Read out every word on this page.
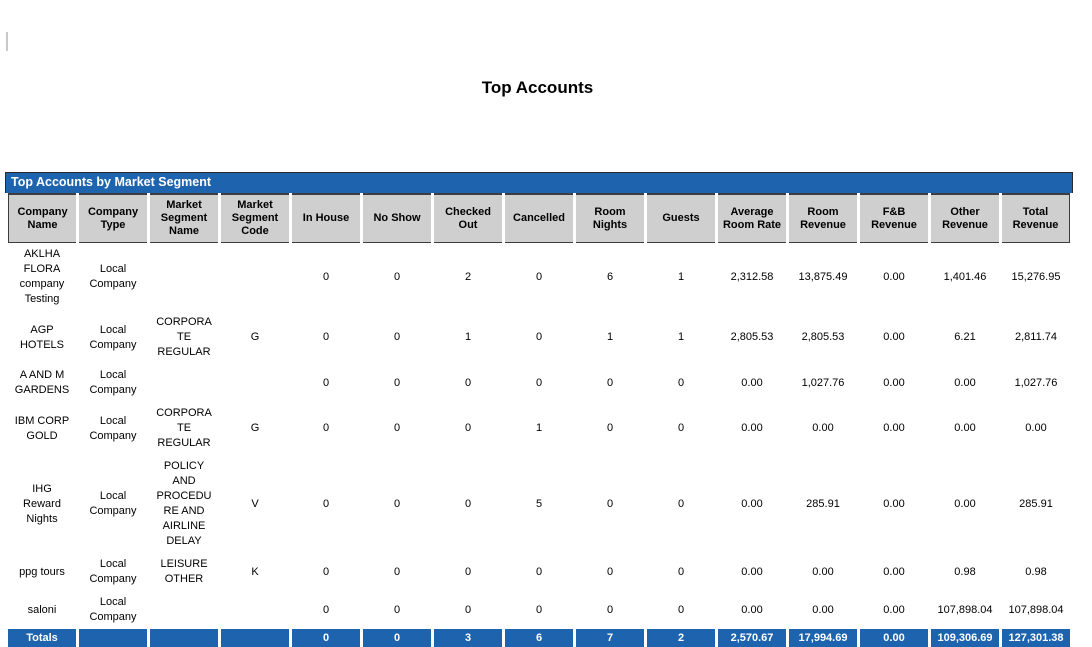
Top Accounts
Top Accounts by Market Segment
Company Name	Company Type	Market Segment Name	Market Segment Code	In House	No Show	Checked Out	Cancelled	Room Nights	Guests	Average Room Rate	Room Revenue	F&B Revenue	Other Revenue	Total Revenue
AKLHA FLORA company Testing	Local Company			0	0	2	0	6	1	2,312.58	13,875.49	0.00	1,401.46	15,276.95
AGP HOTELS	Local Company	CORPORATE REGULAR	G	0	0	1	0	1	1	2,805.53	2,805.53	0.00	6.21	2,811.74
A AND M GARDENS	Local Company			0	0	0	0	0	0	0.00	1,027.76	0.00	0.00	1,027.76
IBM CORP GOLD	Local Company	CORPORATE REGULAR	G	0	0	0	1	0	0	0.00	0.00	0.00	0.00	0.00
IHG Reward Nights	Local Company	POLICY AND PROCEDURE AND AIRLINE DELAY	V	0	0	0	5	0	0	0.00	285.91	0.00	0.00	285.91
ppg tours	Local Company	LEISURE OTHER	K	0	0	0	0	0	0	0.00	0.00	0.00	0.98	0.98
saloni	Local Company			0	0	0	0	0	0	0.00	0.00	0.00	107,898.04	107,898.04
Totals				0	0	3	6	7	2	2,570.67	17,994.69	0.00	109,306.69	127,301.38
